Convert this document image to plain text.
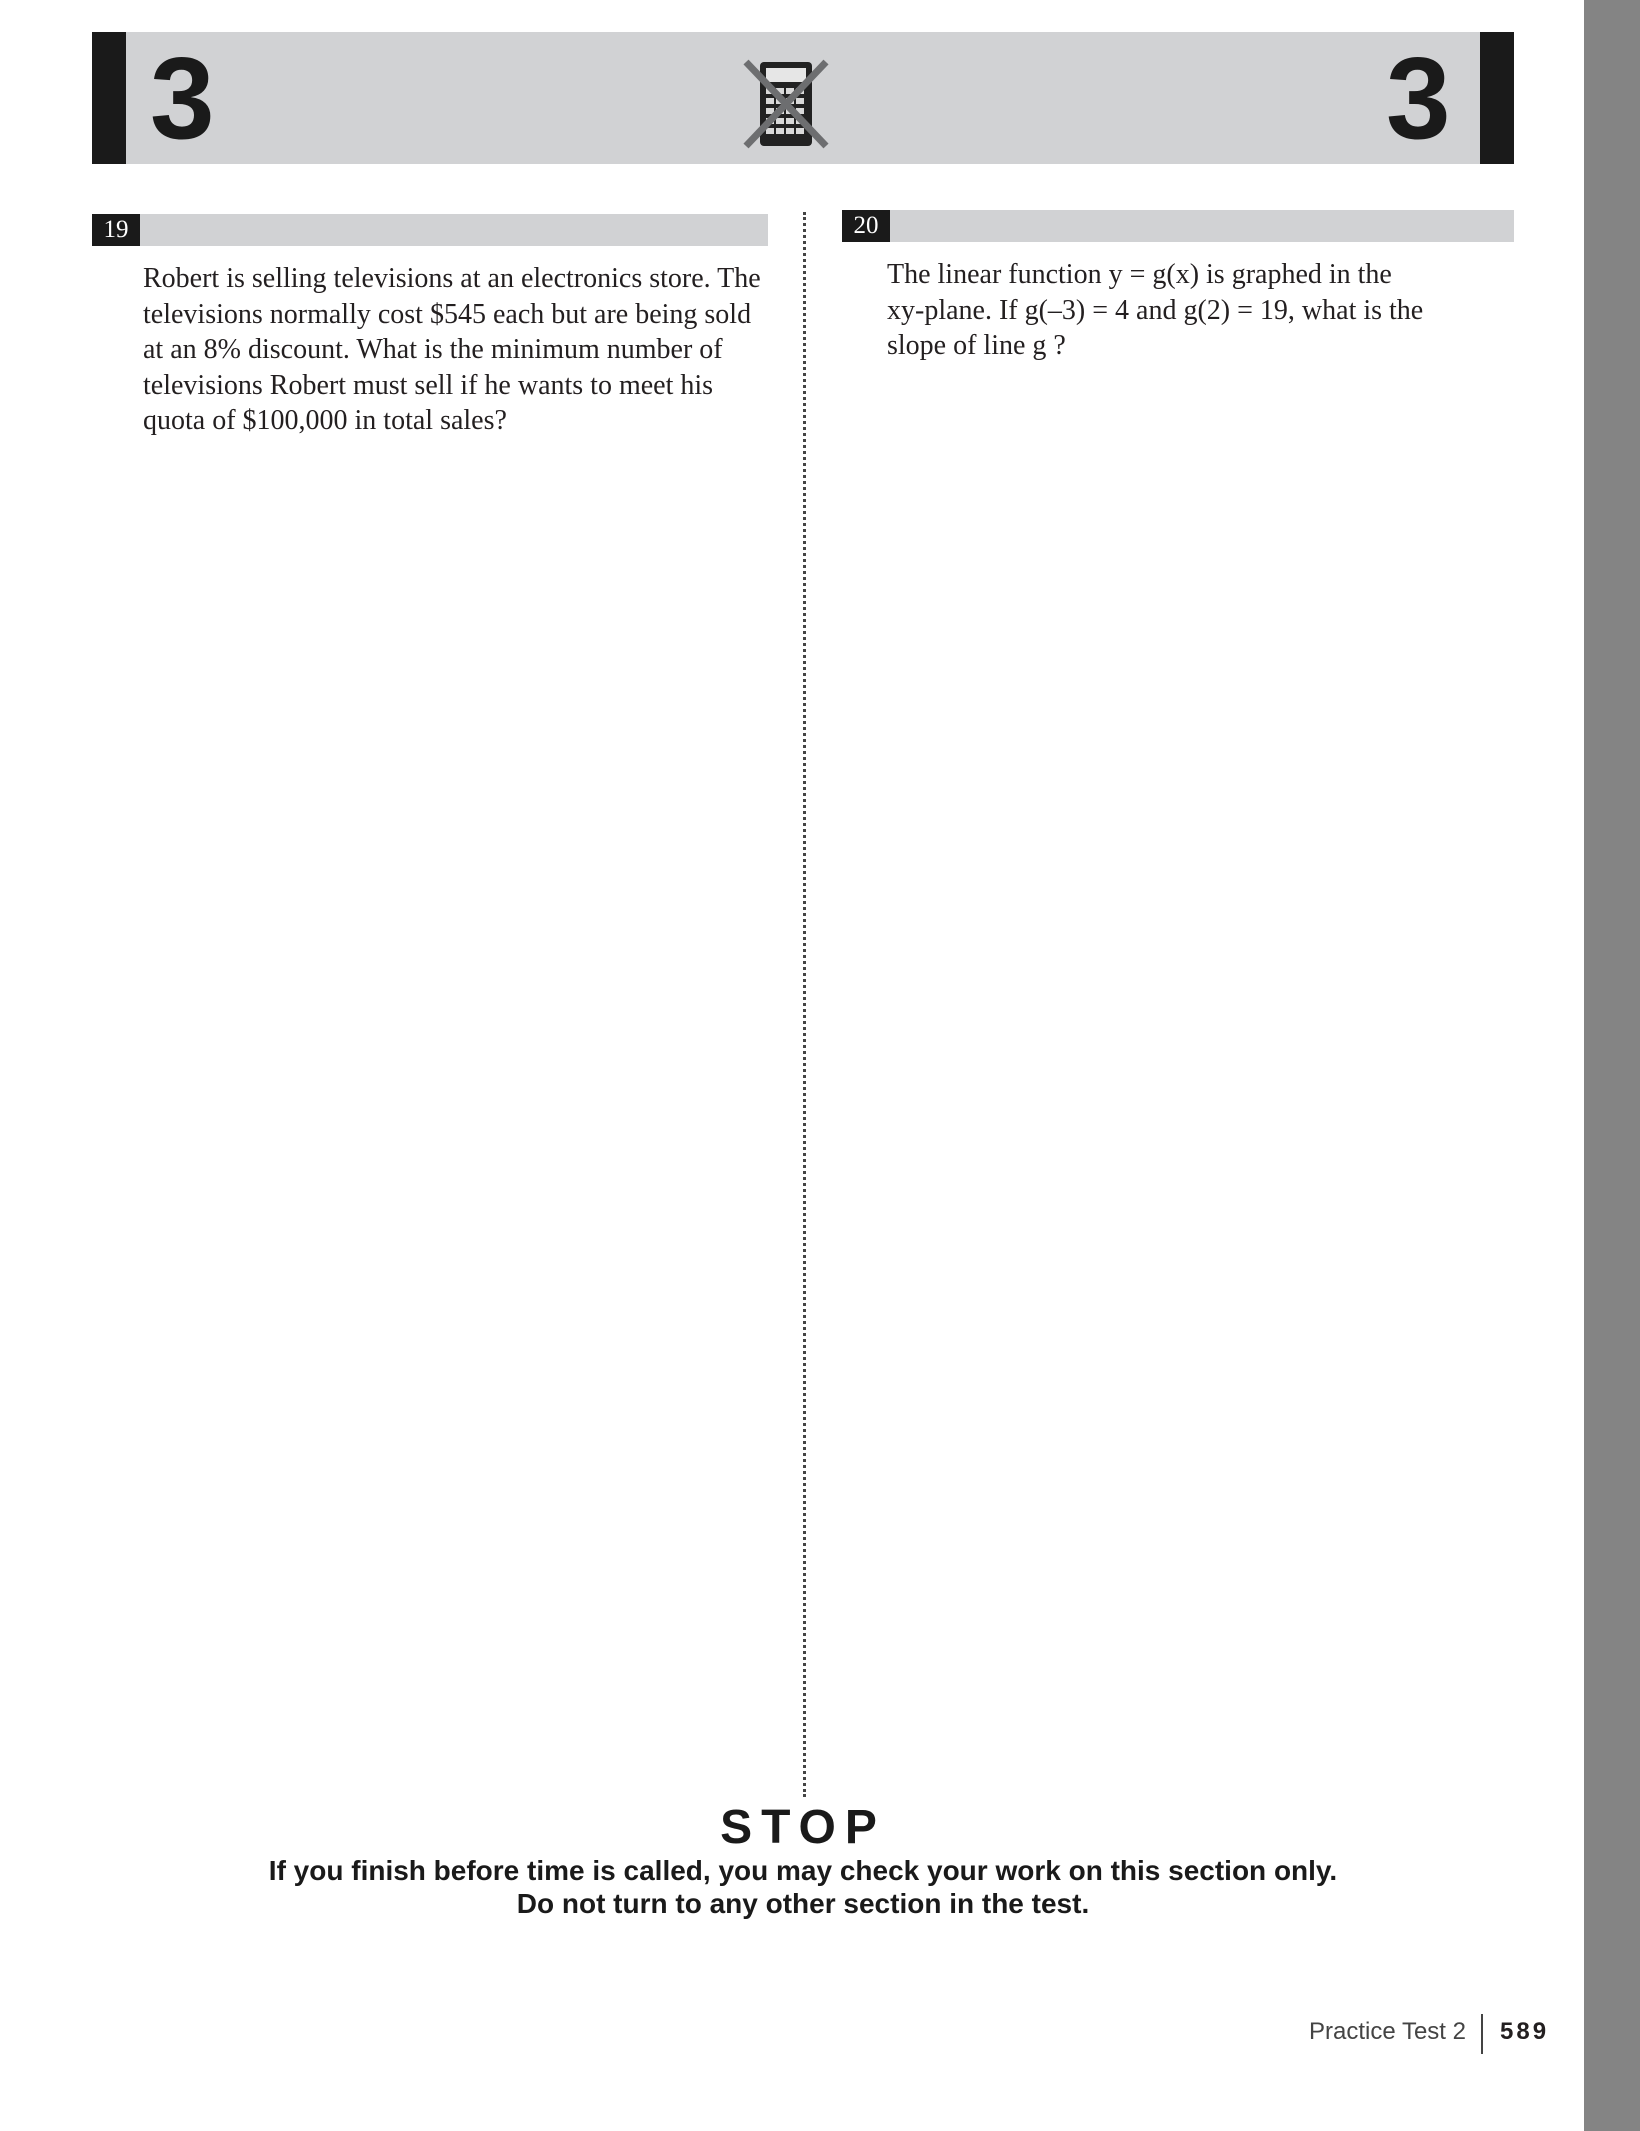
3	3
19
Robert is selling televisions at an electronics store. The
televisions normally cost $545 each but are being sold
at an 8% discount. What is the minimum number of
televisions Robert must sell if he wants to meet his
quota of $100,000 in total sales?
20
The linear function y = g(x) is graphed in the
xy-plane. If g(–3) = 4 and g(2) = 19, what is the
slope of line g ?
STOP
If you finish before time is called, you may check your work on this section only.
Do not turn to any other section in the test.
Practice Test 2 589
